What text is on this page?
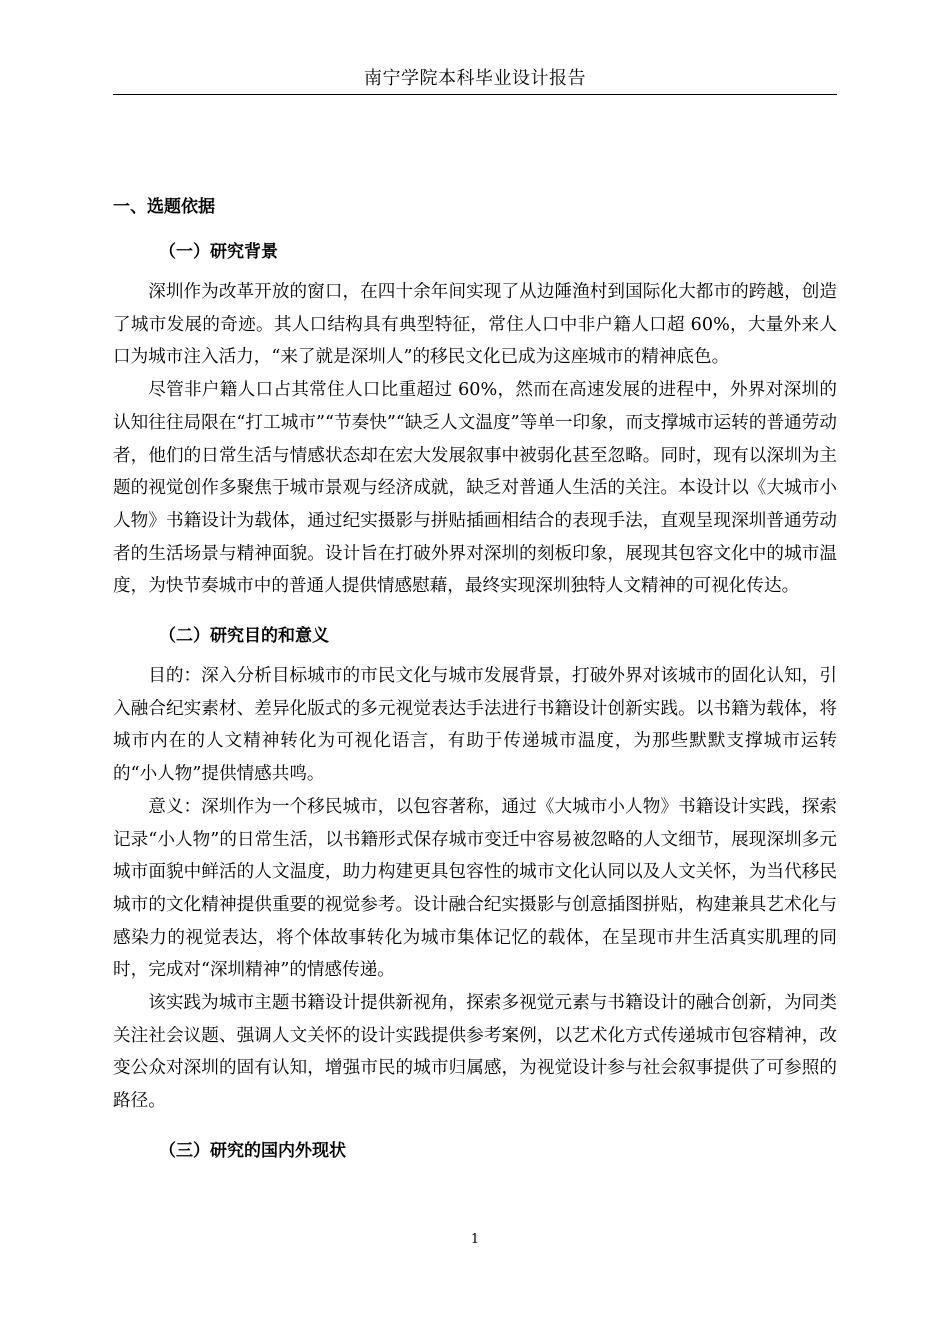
南宁学院本科毕业设计报告

一、选题依据

（一）研究背景

深圳作为改革开放的窗口，在四十余年间实现了从边陲渔村到国际化大都市的跨越，创造了城市发展的奇迹。其人口结构具有典型特征，常住人口中非户籍人口超 60%，大量外来人口为城市注入活力，“来了就是深圳人”的移民文化已成为这座城市的精神底色。

尽管非户籍人口占其常住人口比重超过 60%，然而在高速发展的进程中，外界对深圳的认知往往局限在“打工城市”“节奏快”“缺乏人文温度”等单一印象，而支撑城市运转的普通劳动者，他们的日常生活与情感状态却在宏大发展叙事中被弱化甚至忽略。同时，现有以深圳为主题的视觉创作多聚焦于城市景观与经济成就，缺乏对普通人生活的关注。本设计以《大城市小人物》书籍设计为载体，通过纪实摄影与拼贴插画相结合的表现手法，直观呈现深圳普通劳动者的生活场景与精神面貌。设计旨在打破外界对深圳的刻板印象，展现其包容文化中的城市温度，为快节奏城市中的普通人提供情感慰藉，最终实现深圳独特人文精神的可视化传达。

（二）研究目的和意义

目的：深入分析目标城市的市民文化与城市发展背景，打破外界对该城市的固化认知，引入融合纪实素材、差异化版式的多元视觉表达手法进行书籍设计创新实践。以书籍为载体，将城市内在的人文精神转化为可视化语言，有助于传递城市温度，为那些默默支撑城市运转的“小人物”提供情感共鸣。

意义：深圳作为一个移民城市，以包容著称，通过《大城市小人物》书籍设计实践，探索记录“小人物”的日常生活，以书籍形式保存城市变迁中容易被忽略的人文细节，展现深圳多元城市面貌中鲜活的人文温度，助力构建更具包容性的城市文化认同以及人文关怀，为当代移民城市的文化精神提供重要的视觉参考。设计融合纪实摄影与创意插图拼贴，构建兼具艺术化与感染力的视觉表达，将个体故事转化为城市集体记忆的载体，在呈现市井生活真实肌理的同时，完成对“深圳精神”的情感传递。

该实践为城市主题书籍设计提供新视角，探索多视觉元素与书籍设计的融合创新，为同类关注社会议题、强调人文关怀的设计实践提供参考案例，以艺术化方式传递城市包容精神，改变公众对深圳的固有认知，增强市民的城市归属感，为视觉设计参与社会叙事提供了可参照的路径。

（三）研究的国内外现状

1
